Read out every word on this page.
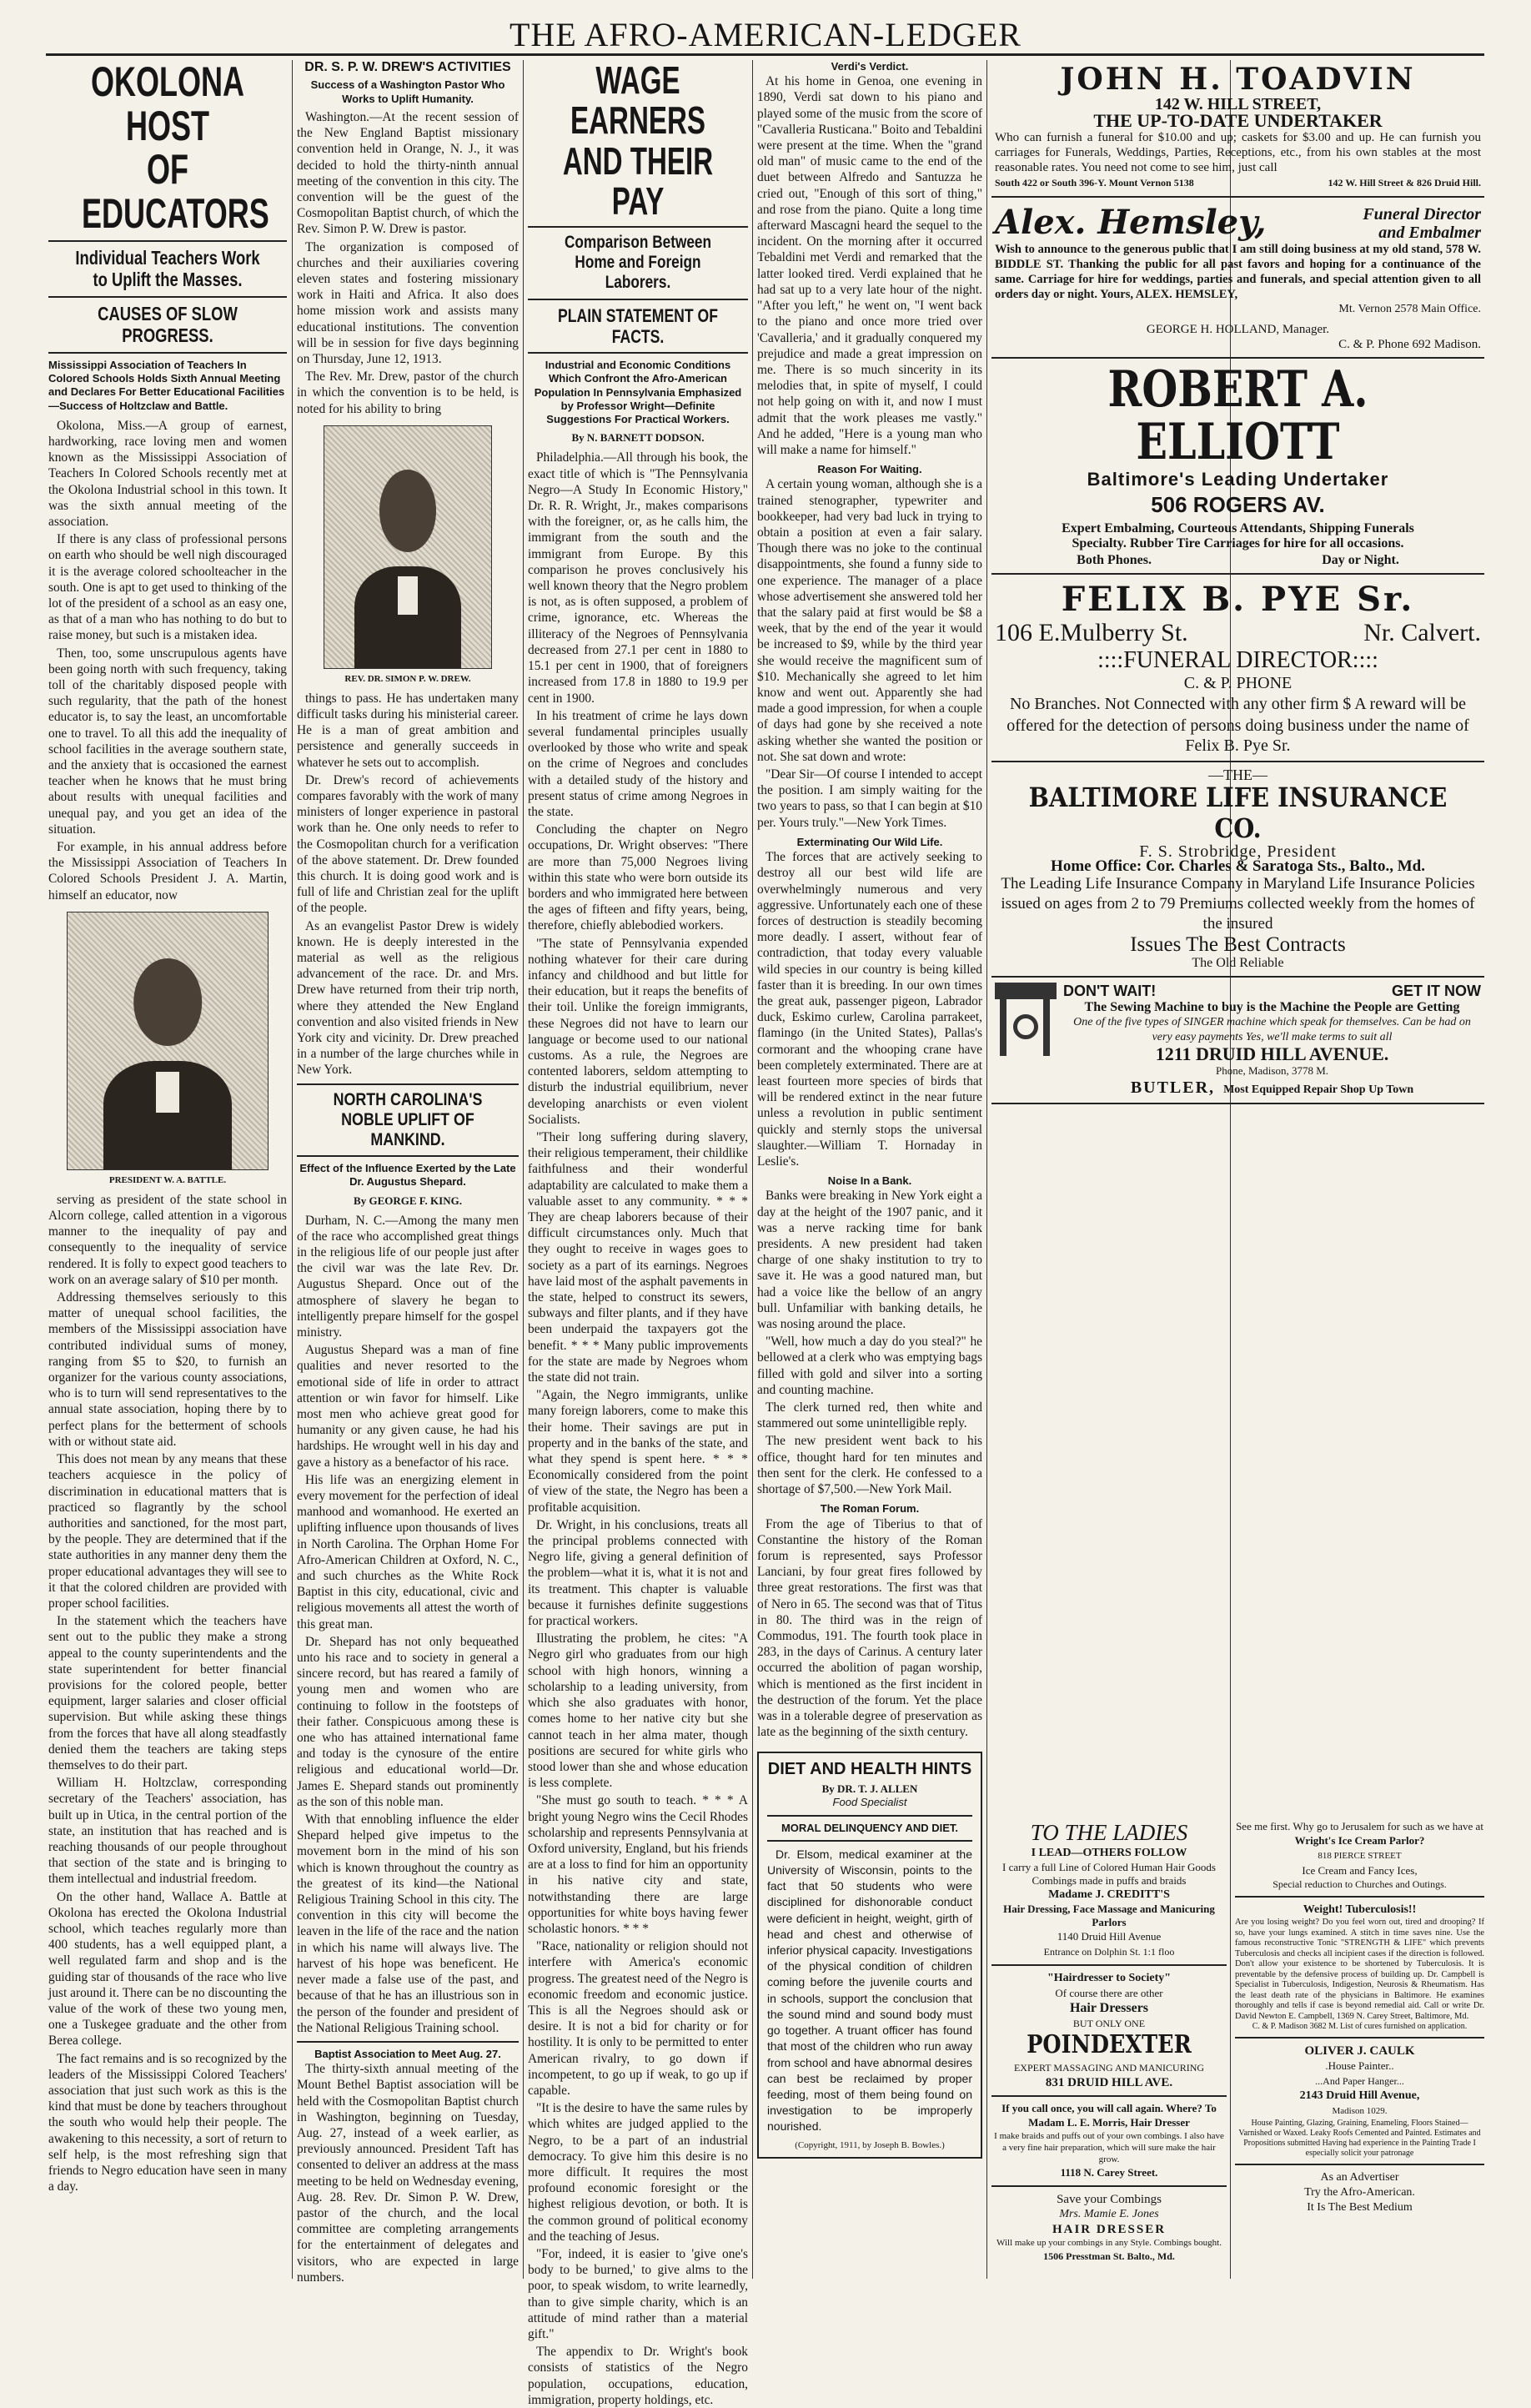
THE AFRO-AMERICAN-LEDGER
OKOLONA HOST
OF EDUCATORS
Individual Teachers Work to Uplift the Masses.
CAUSES OF SLOW PROGRESS.
Mississippi Association of Teachers In Colored Schools Holds Sixth Annual Meeting and Declares For Better Educational Facilities—Success of Holtzclaw and Battle.

Okolona, Miss.—A group of earnest, hardworking, race loving men and women known as the Mississippi Association of Teachers In Colored Schools recently met at the Okolona Industrial school in this town. It was the sixth annual meeting of the association.

If there is any class of professional persons on earth who should be well nigh discouraged it is the average colored schoolteacher in the south. One is apt to get used to thinking of the lot of the president of a school as an easy one, as that of a man who has nothing to do but to raise money, but such is a mistaken idea.

Then, too, some unscrupulous agents have been going north with such frequency, taking toll of the charitably disposed people with such regularity, that the path of the honest educator is, to say the least, an uncomfortable one to travel. To all this add the inequality of school facilities in the average southern state, and the anxiety that is occasioned the earnest teacher when he knows that he must bring about results with unequal facilities and unequal pay, and you get an idea of the situation.

For example, in his annual address before the Mississippi Association of Teachers In Colored Schools President J. A. Martin, himself an educator, now

PRESIDENT W. A. BATTLE.

serving as president of the state school in Alcorn college, called attention in a vigorous manner to the inequality of pay and consequently to the inequality of service rendered. It is folly to expect good teachers to work on an average salary of $10 per month.

Addressing themselves seriously to this matter of unequal school facilities, the members of the Mississippi association have contributed individual sums of money, ranging from $5 to $20, to furnish an organizer for the various county associations, who is to turn will send representatives to the annual state association, hoping there by to perfect plans for the betterment of schools with or without state aid.

This does not mean by any means that these teachers acquiesce in the policy of discrimination in educational matters that is practiced so flagrantly by the school authorities and sanctioned, for the most part, by the people. They are determined that if the state authorities in any manner deny them the proper educational advantages they will see to it that the colored children are provided with proper school facilities.

In the statement which the teachers have sent out to the public they make a strong appeal to the county superintendents and the state superintendent for better financial provisions for the colored people, better equipment, larger salaries and closer official supervision. But while asking these things from the forces that have all along steadfastly denied them the teachers are taking steps themselves to do their part.

William H. Holtzclaw, corresponding secretary of the Teachers' association, has built up in Utica, in the central portion of the state, an institution that has reached and is reaching thousands of our people throughout that section of the state and is bringing to them intellectual and industrial freedom.

On the other hand, Wallace A. Battle at Okolona has erected the Okolona Industrial school, which teaches regularly more than 400 students, has a well equipped plant, a well regulated farm and shop and is the guiding star of thousands of the race who live just around it. There can be no discounting the value of the work of these two young men, one a Tuskegee graduate and the other from Berea college.

The fact remains and is so recognized by the leaders of the Mississippi Colored Teachers' association that just such work as this is the kind that must be done by teachers throughout the south who would help their people. The awakening to this necessity, a sort of return to self help, is the most refreshing sign that friends to Negro education have seen in many a day.

DR. S. P. W. DREW'S ACTIVITIES
Success of a Washington Pastor Who Works to Uplift Humanity.

Washington.—At the recent session of the New England Baptist missionary convention held in Orange, N. J., it was decided to hold the thirty-ninth annual meeting of the convention in this city. The convention will be the guest of the Cosmopolitan Baptist church, of which the Rev. Simon P. W. Drew is pastor.

The organization is composed of churches and their auxiliaries covering eleven states and fostering missionary work in Haiti and Africa. It also does home mission work and assists many educational institutions. The convention will be in session for five days beginning on Thursday, June 12, 1913.

The Rev. Mr. Drew, pastor of the church in which the convention is to be held, is noted for his ability to bring

REV. DR. SIMON P. W. DREW.

things to pass. He has undertaken many difficult tasks during his ministerial career. He is a man of great ambition and persistence and generally succeeds in whatever he sets out to accomplish.

Dr. Drew's record of achievements compares favorably with the work of many ministers of longer experience in pastoral work than he. One only needs to refer to the Cosmopolitan church for a verification of the above statement. Dr. Drew founded this church. It is doing good work and is full of life and Christian zeal for the uplift of the people.

As an evangelist Pastor Drew is widely known. He is deeply interested in the material as well as the religious advancement of the race. Dr. and Mrs. Drew have returned from their trip north, where they attended the New England convention and also visited friends in New York city and vicinity. Dr. Drew preached in a number of the large churches while in New York.

NORTH CAROLINA'S NOBLE UPLIFT OF MANKIND.
Effect of the Influence Exerted by the Late Dr. Augustus Shepard.
By GEORGE F. KING.

Durham, N. C.—Among the many men of the race who accomplished great things in the religious life of our people just after the civil war was the late Rev. Dr. Augustus Shepard. Once out of the atmosphere of slavery he began to intelligently prepare himself for the gospel ministry.

Augustus Shepard was a man of fine qualities and never resorted to the emotional side of life in order to attract attention or win favor for himself. Like most men who achieve great good for humanity or any given cause, he had his hardships. He wrought well in his day and gave a history as a benefactor of his race.

His life was an energizing element in every movement for the perfection of ideal manhood and womanhood. He exerted an uplifting influence upon thousands of lives in North Carolina. The Orphan Home For Afro-American Children at Oxford, N. C., and such churches as the White Rock Baptist in this city, educational, civic and religious movements all attest the worth of this great man.

Dr. Shepard has not only bequeathed unto his race and to society in general a sincere record, but has reared a family of young men and women who are continuing to follow in the footsteps of their father. Conspicuous among these is one who has attained international fame and today is the cynosure of the entire religious and educational world—Dr. James E. Shepard stands out prominently as the son of this noble man.

With that ennobling influence the elder Shepard helped give impetus to the movement born in the mind of his son which is known throughout the country as the greatest of its kind—the National Religious Training School in this city. The convention in this city will become the leaven in the life of the race and the nation in which his name will always live. The harvest of his hope was beneficent. He never made a false use of the past, and because of that he has an illustrious son in the person of the founder and president of the National Religious Training school.

Baptist Association to Meet Aug. 27.

The thirty-sixth annual meeting of the Mount Bethel Baptist association will be held with the Cosmopolitan Baptist church in Washington, beginning on Tuesday, Aug. 27, instead of a week earlier, as previously announced. President Taft has consented to deliver an address at the mass meeting to be held on Wednesday evening, Aug. 28. Rev. Dr. Simon P. W. Drew, pastor of the church, and the local committee are completing arrangements for the entertainment of delegates and visitors, who are expected in large numbers.

WAGE EARNERS
AND THEIR PAY
Comparison Between Home and Foreign Laborers.
PLAIN STATEMENT OF FACTS.
Industrial and Economic Conditions Which Confront the Afro-American Population In Pennsylvania Emphasized by Professor Wright—Definite Suggestions For Practical Workers.
By N. BARNETT DODSON.

Philadelphia.—All through his book, the exact title of which is "The Pennsylvania Negro—A Study In Economic History," Dr. R. R. Wright, Jr., makes comparisons with the foreigner, or, as he calls him, the immigrant from the south and the immigrant from Europe. By this comparison he proves conclusively his well known theory that the Negro problem is not, as is often supposed, a problem of crime, ignorance, etc. Whereas the illiteracy of the Negroes of Pennsylvania decreased from 27.1 per cent in 1880 to 15.1 per cent in 1900, that of foreigners increased from 17.8 in 1880 to 19.9 per cent in 1900.

In his treatment of crime he lays down several fundamental principles usually overlooked by those who write and speak on the crime of Negroes and concludes with a detailed study of the history and present status of crime among Negroes in the state.

Concluding the chapter on Negro occupations, Dr. Wright observes: "There are more than 75,000 Negroes living within this state who were born outside its borders and who immigrated here between the ages of fifteen and fifty years, being, therefore, chiefly ablebodied workers.

"The state of Pennsylvania expended nothing whatever for their care during infancy and childhood and but little for their education, but it reaps the benefits of their toil. Unlike the foreign immigrants, these Negroes did not have to learn our language or become used to our national customs. As a rule, the Negroes are contented laborers, seldom attempting to disturb the industrial equilibrium, never developing anarchists or even violent Socialists.

"Their long suffering during slavery, their religious temperament, their childlike faithfulness and their wonderful adaptability are calculated to make them a valuable asset to any community. * * * They are cheap laborers because of their difficult circumstances only. Much that they ought to receive in wages goes to society as a part of its earnings. Negroes have laid most of the asphalt pavements in the state, helped to construct its sewers, subways and filter plants, and if they have been underpaid the taxpayers got the benefit. * * * Many public improvements for the state are made by Negroes whom the state did not train.

"Again, the Negro immigrants, unlike many foreign laborers, come to make this their home. Their savings are put in property and in the banks of the state, and what they spend is spent here. * * * Economically considered from the point of view of the state, the Negro has been a profitable acquisition.

Dr. Wright, in his conclusions, treats all the principal problems connected with Negro life, giving a general definition of the problem—what it is, what it is not and its treatment. This chapter is valuable because it furnishes definite suggestions for practical workers.

Illustrating the problem, he cites: "A Negro girl who graduates from our high school with high honors, winning a scholarship to a leading university, from which she also graduates with honor, comes home to her native city but she cannot teach in her alma mater, though positions are secured for white girls who stood lower than she and whose education is less complete.

"She must go south to teach. * * * A bright young Negro wins the Cecil Rhodes scholarship and represents Pennsylvania at Oxford university, England, but his friends are at a loss to find for him an opportunity in his native city and state, notwithstanding there are large opportunities for white boys having fewer scholastic honors. * * *

"Race, nationality or religion should not interfere with America's economic progress. The greatest need of the Negro is economic freedom and economic justice. This is all the Negroes should ask or desire. It is not a bid for charity or for hostility. It is only to be permitted to enter American rivalry, to go down if incompetent, to go up if weak, to go up if capable.

"It is the desire to have the same rules by which whites are judged applied to the Negro, to be a part of an industrial democracy. To give him this desire is no more difficult. It requires the most profound economic foresight or the highest religious devotion, or both. It is the common ground of political economy and the teaching of Jesus.

"For, indeed, it is easier to 'give one's body to be burned,' to give alms to the poor, to speak wisdom, to write learnedly, than to give simple charity, which is an attitude of mind rather than a material gift."

The appendix to Dr. Wright's book consists of statistics of the Negro population, occupations, education, immigration, property holdings, etc.

Verdi's Verdict.

At his home in Genoa, one evening in 1890, Verdi sat down to his piano and played some of the music from the score of "Cavalleria Rusticana." Boito and Tebaldini were present at the time. When the "grand old man" of music came to the end of the duet between Alfredo and Santuzza he cried out, "Enough of this sort of thing," and rose from the piano. Quite a long time afterward Mascagni heard the sequel to the incident. On the morning after it occurred Tebaldini met Verdi and remarked that the latter looked tired. Verdi explained that he had sat up to a very late hour of the night. "After you left," he went on, "I went back to the piano and once more tried over 'Cavalleria,' and it gradually conquered my prejudice and made a great impression on me. There is so much sincerity in its melodies that, in spite of myself, I could not help going on with it, and now I must admit that the work pleases me vastly." And he added, "Here is a young man who will make a name for himself."

Reason For Waiting.

A certain young woman, although she is a trained stenographer, typewriter and bookkeeper, had very bad luck in trying to obtain a position at even a fair salary. Though there was no joke to the continual disappointments, she found a funny side to one experience. The manager of a place whose advertisement she answered told her that the salary paid at first would be $8 a week, that by the end of the year it would be increased to $9, while by the third year she would receive the magnificent sum of $10. Mechanically she agreed to let him know and went out. Apparently she had made a good impression, for when a couple of days had gone by she received a note asking whether she wanted the position or not. She sat down and wrote:

"Dear Sir—Of course I intended to accept the position. I am simply waiting for the two years to pass, so that I can begin at $10 per. Yours truly."—New York Times.

Exterminating Our Wild Life.

The forces that are actively seeking to destroy all our best wild life are overwhelmingly numerous and very aggressive. Unfortunately each one of these forces of destruction is steadily becoming more deadly. I assert, without fear of contradiction, that today every valuable wild species in our country is being killed faster than it is breeding. In our own times the great auk, passenger pigeon, Labrador duck, Eskimo curlew, Carolina parrakeet, flamingo (in the United States), Pallas's cormorant and the whooping crane have been completely exterminated. There are at least fourteen more species of birds that will be rendered extinct in the near future unless a revolution in public sentiment quickly and sternly stops the universal slaughter.—William T. Hornaday in Leslie's.

Noise In a Bank.

Banks were breaking in New York eight a day at the height of the 1907 panic, and it was a nerve racking time for bank presidents. A new president had taken charge of one shaky institution to try to save it. He was a good natured man, but had a voice like the bellow of an angry bull. Unfamiliar with banking details, he was nosing around the place.

"Well, how much a day do you steal?" he bellowed at a clerk who was emptying bags filled with gold and silver into a sorting and counting machine.

The clerk turned red, then white and stammered out some unintelligible reply.

The new president went back to his office, thought hard for ten minutes and then sent for the clerk. He confessed to a shortage of $7,500.—New York Mail.

The Roman Forum.

From the age of Tiberius to that of Constantine the history of the Roman forum is represented, says Professor Lanciani, by four great fires followed by three great restorations. The first was that of Nero in 65. The second was that of Titus in 80. The third was in the reign of Commodus, 191. The fourth took place in 283, in the days of Carinus. A century later occurred the abolition of pagan worship, which is mentioned as the first incident in the destruction of the forum. Yet the place was in a tolerable degree of preservation as late as the beginning of the sixth century.

DIET AND HEALTH HINTS
By DR. T. J. ALLEN
Food Specialist
MORAL DELINQUENCY AND DIET.

Dr. Elsom, medical examiner at the University of Wisconsin, points to the fact that 50 students who were disciplined for dishonorable conduct were deficient in height, weight, girth of head and chest and otherwise of inferior physical capacity. Investigations of the physical condition of children coming before the juvenile courts and in schools, support the conclusion that the sound mind and sound body must go together. A truant officer has found that most of the children who run away from school and have abnormal desires can best be reclaimed by proper feeding, most of them being found on investigation to be improperly nourished.

(Copyright, 1911, by Joseph B. Bowles.)
JOHN H. TOADVIN
142 W. HILL STREET,
THE UP-TO-DATE UNDERTAKER
Who can furnish a funeral for $10.00 and up; caskets for $3.00 and up. He can furnish you carriages for Funerals, Weddings, Parties, Receptions, etc., from his own stables at the most reasonable rates. You need not come to see him, just call
South 422 or South 396-Y. Mount Vernon 5138	142 W. Hill Street & 826 Druid Hill.
Alex. Hemsley,	Funeral Director
and Embalmer
Wish to announce to the generous public that I am still doing business at my old stand, 578 W. BIDDLE ST. Thanking the public for all past favors and hoping for a continuance of the same. Carriage for hire for weddings, parties and funerals, and special attention given to all orders day or night. Yours, ALEX. HEMSLEY,
Mt. Vernon 2578 Main Office.
GEORGE H. HOLLAND, Manager.
C. & P. Phone 692 Madison.
ROBERT A. ELLIOTT
Baltimore's Leading Undertaker
506 ROGERS AV.
Expert Embalming, Courteous Attendants, Shipping Funerals
Specialty. Rubber Tire Carriages for hire for all occasions.
Both Phones.	Day or Night.
FELIX B. PYE Sr.
106 E.Mulberry St.	Nr. Calvert.
::::FUNERAL DIRECTOR::::
C. & P. PHONE
No Branches. Not Connected with any other firm $ A reward will be offered for the detection of persons doing business under the name of
Felix B. Pye Sr.
—THE—
BALTIMORE LIFE INSURANCE CO.
F. S. Strobridge, President
Home Office: Cor. Charles & Saratoga Sts., Balto., Md.
The Leading Life Insurance Company in Maryland Life Insurance Policies issued on ages from 2 to 79 Premiums collected weekly from the homes of the insured
Issues The Best Contracts
The Old Reliable
DON'T WAIT!	GET IT NOW
The Sewing Machine to buy is the Machine the People are Getting
One of the five types of SINGER machine which speak for themselves. Can be had on very easy payments Yes, we'll make terms to suit all
1211 DRUID HILL AVENUE.
Phone, Madison, 3778 M.
BUTLER, Most Equipped Repair Shop Up Town
TO THE LADIES
I LEAD—OTHERS FOLLOW
I carry a full Line of Colored Human Hair Goods Combings made in puffs and braids
Madame J. CREDITT'S
Hair Dressing, Face Massage and Manicuring Parlors
1140 Druid Hill Avenue
Entrance on Dolphin St. 1:1 floo
"Hairdresser to Society"
Of course there are other
Hair Dressers
BUT ONLY ONE
POINDEXTER
EXPERT MASSAGING AND MANICURING
831 DRUID HILL AVE.
If you call once, you will call again. Where? To
Madam L. E. Morris, Hair Dresser
I make braids and puffs out of your own combings. I also have a very fine hair preparation, which will sure make the hair grow.
1118 N. Carey Street.
Save your Combings
Mrs. Mamie E. Jones
HAIR DRESSER
Will make up your combings in any Style. Combings bought.
1506 Presstman St. Balto., Md.
See me first. Why go to Jerusalem for such as we have at
Wright's Ice Cream Parlor?
818 PIERCE STREET
Ice Cream and Fancy Ices,
Special reduction to Churches and Outings.
Weight! Tuberculosis!!
Are you losing weight? Do you feel worn out, tired and drooping? If so, have your lungs examined. A stitch in time saves nine. Use the famous reconstructive Tonic "STRENGTH & LIFE" which prevents Tuberculosis and checks all incipient cases if the direction is followed. Don't allow your existence to be shortened by Tuberculosis. It is preventable by the defensive process of building up. Dr. Campbell is Specialist in Tuberculosis, Indigestion, Neurosis & Rheumatism. Has the least death rate of the physicians in Baltimore. He examines thoroughly and tells if case is beyond remedial aid. Call or write Dr. David Newton E. Campbell, 1369 N. Carey Street, Baltimore, Md.
C. & P. Madison 3682 M. List of cures furnished on application.
OLIVER J. CAULK
.House Painter..
...And Paper Hanger...
2143 Druid Hill Avenue,
Madison 1029.
House Painting, Glazing, Graining, Enameling, Floors Stained—Varnished or Waxed. Leaky Roofs Cemented and Painted. Estimates and Propositions submitted Having had experience in the Painting Trade I especially solicit your patronage
As an Advertiser
Try the Afro-American.
It Is The Best Medium
